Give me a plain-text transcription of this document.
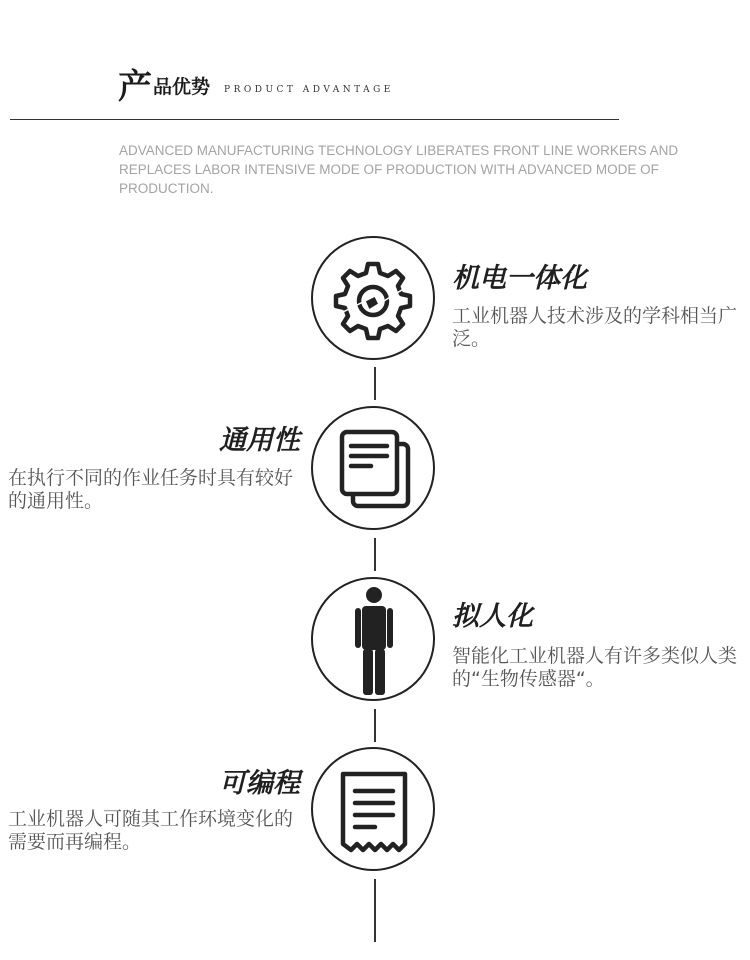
产品优势 PRODUCT ADVANTAGE
ADVANCED MANUFACTURING TECHNOLOGY LIBERATES FRONT LINE WORKERS AND REPLACES LABOR INTENSIVE MODE OF PRODUCTION WITH ADVANCED MODE OF PRODUCTION.
机电一体化
工业机器人技术涉及的学科相当广泛。
通用性
在执行不同的作业任务时具有较好的通用性。
拟人化
智能化工业机器人有许多类似人类的“生物传感器“。
可编程
工业机器人可随其工作环境变化的需要而再编程。
